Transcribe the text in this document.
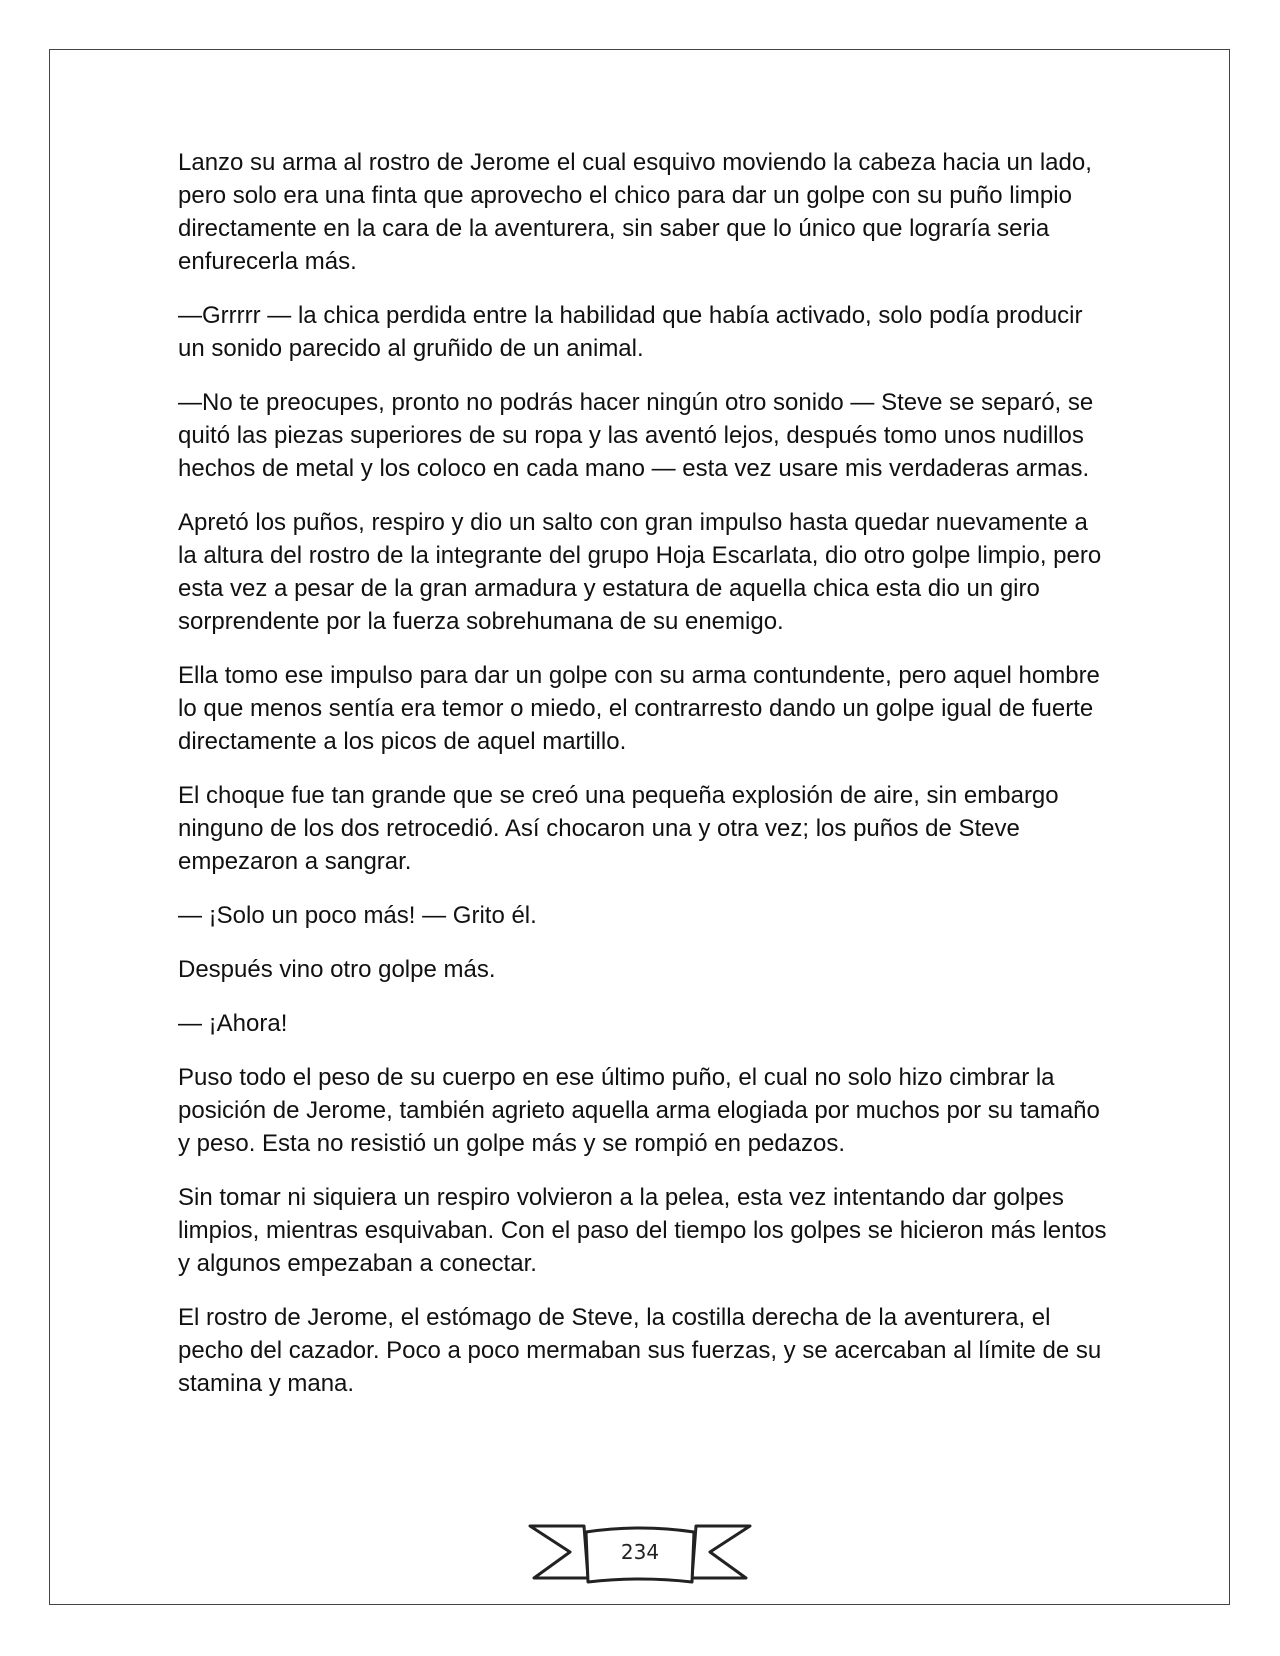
Lanzo su arma al rostro de Jerome el cual esquivo moviendo la cabeza hacia un lado, pero solo era una finta que aprovecho el chico para dar un golpe con su puño limpio directamente en la cara de la aventurera, sin saber que lo único que lograría seria enfurecerla más.

—Grrrrr — la chica perdida entre la habilidad que había activado, solo podía producir un sonido parecido al gruñido de un animal.

—No te preocupes, pronto no podrás hacer ningún otro sonido — Steve se separó, se quitó las piezas superiores de su ropa y las aventó lejos, después tomo unos nudillos hechos de metal y los coloco en cada mano — esta vez usare mis verdaderas armas.

Apretó los puños, respiro y dio un salto con gran impulso hasta quedar nuevamente a la altura del rostro de la integrante del grupo Hoja Escarlata, dio otro golpe limpio, pero esta vez a pesar de la gran armadura y estatura de aquella chica esta dio un giro sorprendente por la fuerza sobrehumana de su enemigo.

Ella tomo ese impulso para dar un golpe con su arma contundente, pero aquel hombre lo que menos sentía era temor o miedo, el contrarresto dando un golpe igual de fuerte directamente a los picos de aquel martillo.

El choque fue tan grande que se creó una pequeña explosión de aire, sin embargo ninguno de los dos retrocedió. Así chocaron una y otra vez; los puños de Steve empezaron a sangrar.

— ¡Solo un poco más! — Grito él.

Después vino otro golpe más.

— ¡Ahora!

Puso todo el peso de su cuerpo en ese último puño, el cual no solo hizo cimbrar la posición de Jerome, también agrieto aquella arma elogiada por muchos por su tamaño y peso. Esta no resistió un golpe más y se rompió en pedazos.

Sin tomar ni siquiera un respiro volvieron a la pelea, esta vez intentando dar golpes limpios, mientras esquivaban. Con el paso del tiempo los golpes se hicieron más lentos y algunos empezaban a conectar.

El rostro de Jerome, el estómago de Steve, la costilla derecha de la aventurera, el pecho del cazador. Poco a poco mermaban sus fuerzas, y se acercaban al límite de su stamina y mana.

234
